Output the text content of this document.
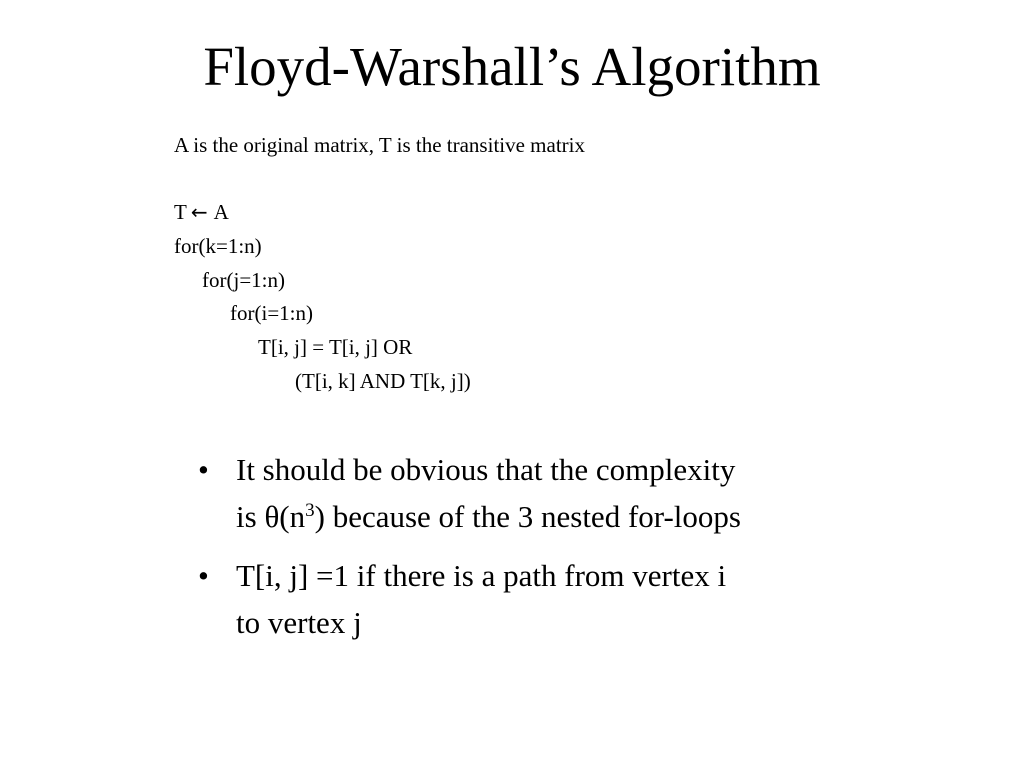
Floyd-Warshall’s Algorithm
A is the original matrix, T is the transitive matrix
T ← A
for(k=1:n)
for(j=1:n)
for(i=1:n)
T[i, j] = T[i, j] OR
(T[i, k] AND T[k, j])
• It should be obvious that the complexity is $\theta(n^3)$ because of the 3 nested for-loops
• T[i, j] =1 if there is a path from vertex i to vertex j
